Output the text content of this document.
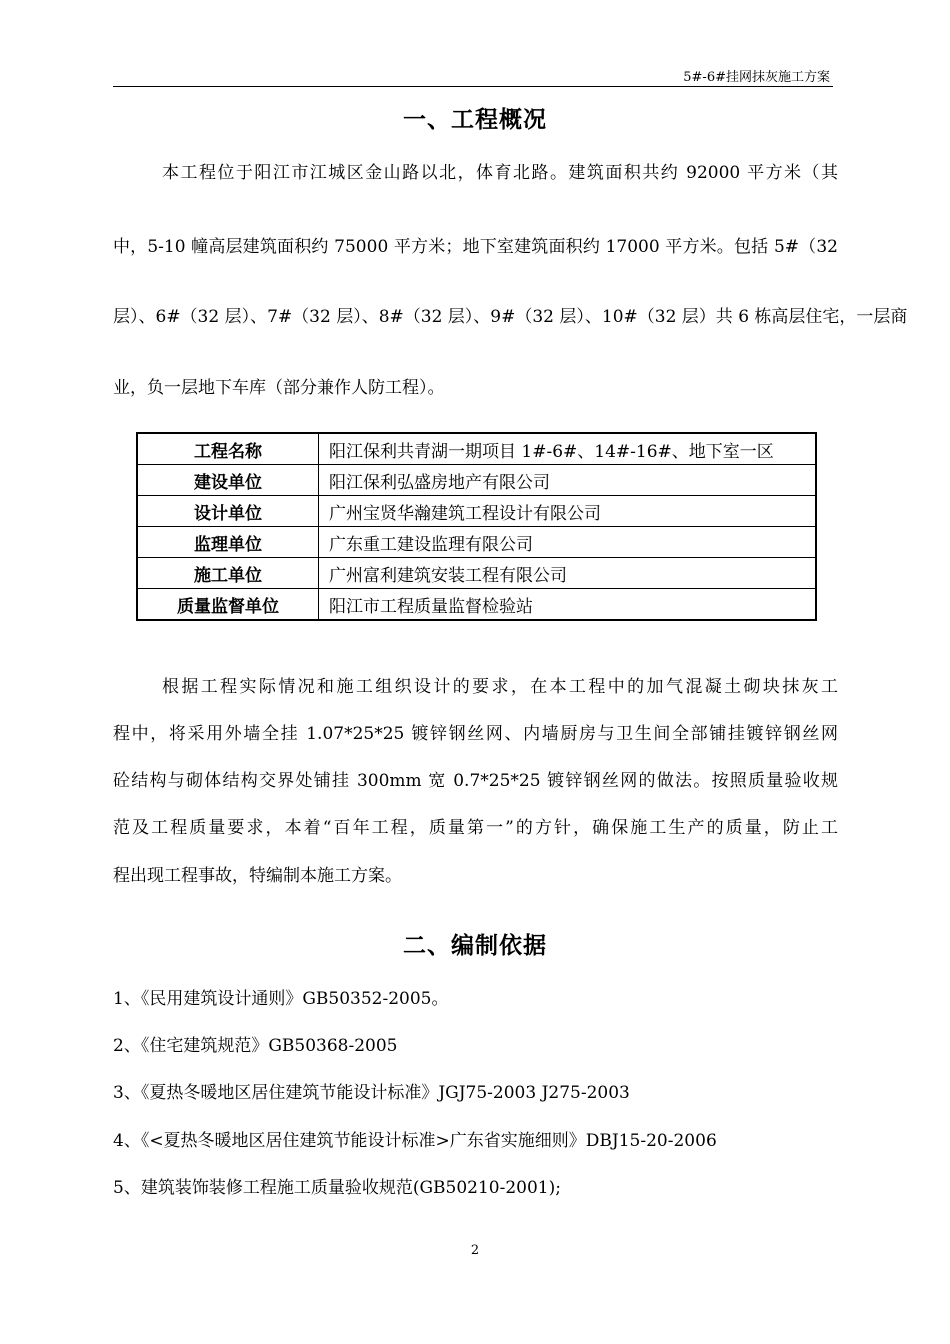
5#-6#挂网抹灰施工方案
一、工程概况
本工程位于阳江市江城区金山路以北，体育北路。建筑面积共约 92000 平方米（其
中，5-10 幢高层建筑面积约 75000 平方米；地下室建筑面积约 17000 平方米。包括 5#（32
层）、6#（32 层）、7#（32 层）、8#（32 层）、9#（32 层）、10#（32 层）共 6 栋高层住宅，一层商
业，负一层地下车库（部分兼作人防工程）。
工程名称	阳江保利共青湖一期项目 1#-6#、14#-16#、地下室一区
建设单位	阳江保利弘盛房地产有限公司
设计单位	广州宝贤华瀚建筑工程设计有限公司
监理单位	广东重工建设监理有限公司
施工单位	广州富利建筑安装工程有限公司
质量监督单位	阳江市工程质量监督检验站
根据工程实际情况和施工组织设计的要求，在本工程中的加气混凝土砌块抹灰工
程中，将采用外墙全挂 1.07*25*25 镀锌钢丝网、内墙厨房与卫生间全部铺挂镀锌钢丝网
砼结构与砌体结构交界处铺挂 300mm 宽 0.7*25*25 镀锌钢丝网的做法。按照质量验收规
范及工程质量要求，本着“百年工程，质量第一”的方针，确保施工生产的质量，防止工
程出现工程事故，特编制本施工方案。
二、编制依据
1、《民用建筑设计通则》GB50352-2005。
2、《住宅建筑规范》GB50368-2005
3、《夏热冬暖地区居住建筑节能设计标准》JGJ75-2003 J275-2003
4、《<夏热冬暖地区居住建筑节能设计标准>广东省实施细则》DBJ15-20-2006
5、建筑装饰装修工程施工质量验收规范(GB50210-2001);
2
